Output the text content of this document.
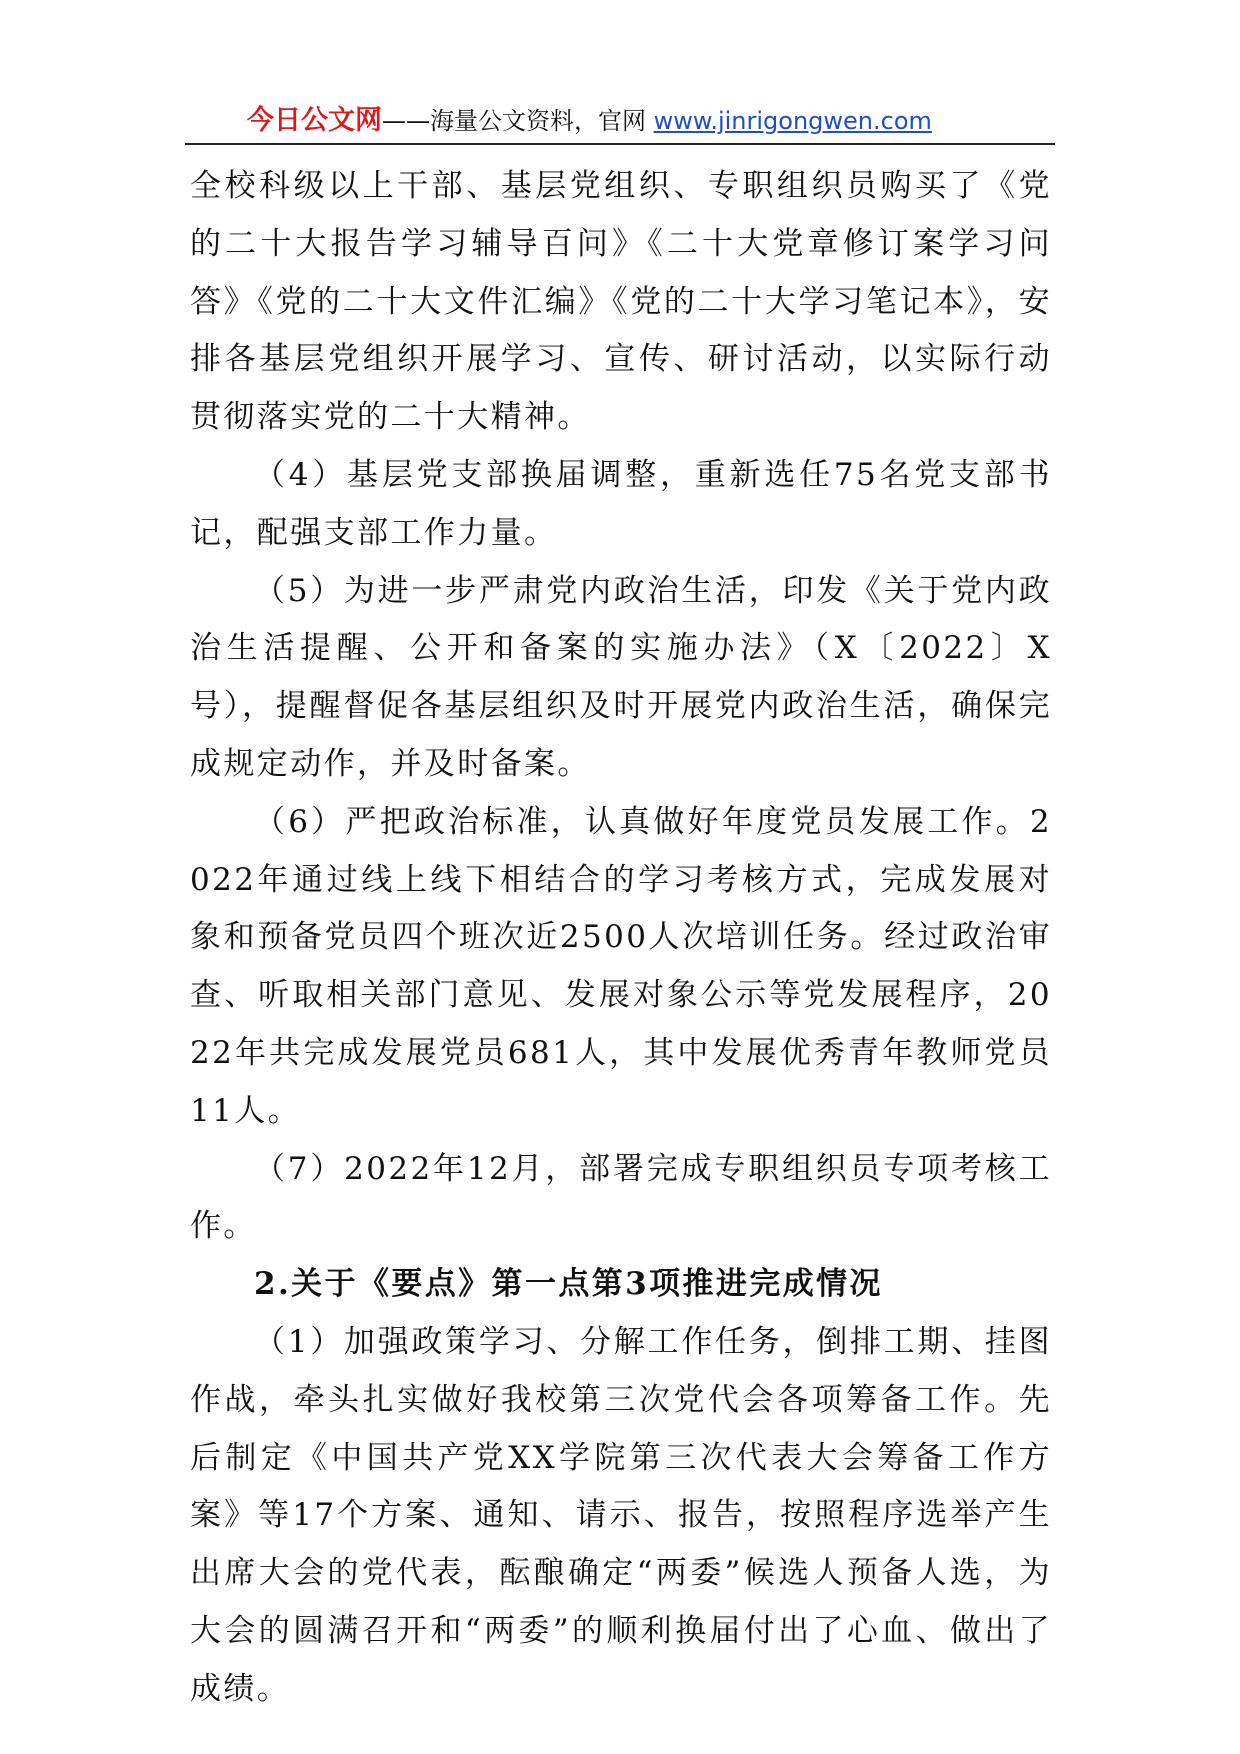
今日公文网——海量公文资料，官网 www.jinrigongwen.com

全校科级以上干部、基层党组织、专职组织员购买了《党的二十大报告学习辅导百问》《二十大党章修订案学习问答》《党的二十大文件汇编》《党的二十大学习笔记本》，安排各基层党组织开展学习、宣传、研讨活动，以实际行动贯彻落实党的二十大精神。

（4）基层党支部换届调整，重新选任75名党支部书记，配强支部工作力量。

（5）为进一步严肃党内政治生活，印发《关于党内政治生活提醒、公开和备案的实施办法》（X〔2022〕X号），提醒督促各基层组织及时开展党内政治生活，确保完成规定动作，并及时备案。

（6）严把政治标准，认真做好年度党员发展工作。2022年通过线上线下相结合的学习考核方式，完成发展对象和预备党员四个班次近2500人次培训任务。经过政治审查、听取相关部门意见、发展对象公示等党发展程序，2022年共完成发展党员681人，其中发展优秀青年教师党员11人。

（7）2022年12月，部署完成专职组织员专项考核工作。

2.关于《要点》第一点第3项推进完成情况

（1）加强政策学习、分解工作任务，倒排工期、挂图作战，牵头扎实做好我校第三次党代会各项筹备工作。先后制定《中国共产党XX学院第三次代表大会筹备工作方案》等17个方案、通知、请示、报告，按照程序选举产生出席大会的党代表，酝酿确定“两委”候选人预备人选，为大会的圆满召开和“两委”的顺利换届付出了心血、做出了成绩。
